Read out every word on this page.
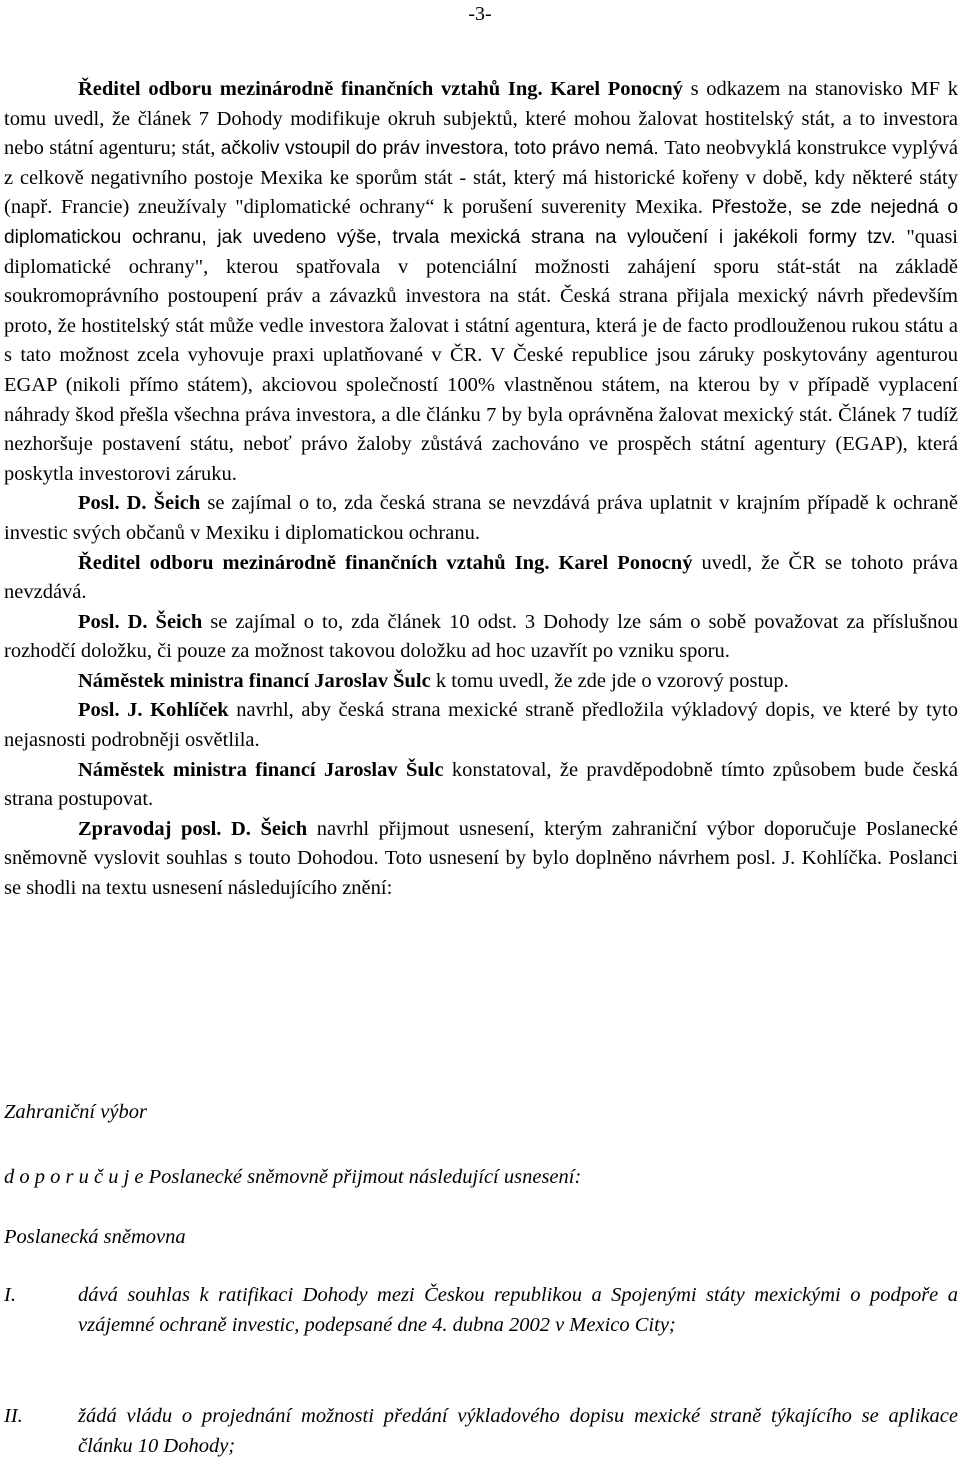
-3-

Ředitel odboru mezinárodně finančních vztahů Ing. Karel Ponocný s odkazem na stanovisko MF k tomu uvedl, že článek 7 Dohody modifikuje okruh subjektů, které mohou žalovat hostitelský stát, a to investora nebo státní agenturu; stát, ačkoliv vstoupil do práv investora, toto právo nemá. Tato neobvyklá konstrukce vyplývá z celkově negativního postoje Mexika ke sporům stát - stát, který má historické kořeny v době, kdy některé státy (např. Francie) zneužívaly "diplomatické ochrany“ k porušení suverenity Mexika. Přestože, se zde nejedná o diplomatickou ochranu, jak uvedeno výše, trvala mexická strana na vyloučení i jakékoli formy tzv. "quasi diplomatické ochrany", kterou spatřovala v potenciální možnosti zahájení sporu stát-stát na základě soukromoprávního postoupení práv a závazků investora na stát. Česká strana přijala mexický návrh především proto, že hostitelský stát může vedle investora žalovat i státní agentura, která je de facto prodlouženou rukou státu a s tato možnost zcela vyhovuje praxi uplatňované v ČR. V České republice jsou záruky poskytovány agenturou EGAP (nikoli přímo státem), akciovou společností 100% vlastněnou státem, na kterou by v případě vyplacení náhrady škod přešla všechna práva investora, a dle článku 7 by byla oprávněna žalovat mexický stát. Článek 7 tudíž nezhoršuje postavení státu, neboť právo žaloby zůstává zachováno ve prospěch státní agentury (EGAP), která poskytla investorovi záruku.

Posl. D. Šeich se zajímal o to, zda česká strana se nevzdává práva uplatnit v krajním případě k ochraně investic svých občanů v Mexiku i diplomatickou ochranu.

Ředitel odboru mezinárodně finančních vztahů Ing. Karel Ponocný uvedl, že ČR se tohoto práva nevzdává.

Posl. D. Šeich se zajímal o to, zda článek 10 odst. 3 Dohody lze sám o sobě považovat za příslušnou rozhodčí doložku, či pouze za možnost takovou doložku ad hoc uzavřít po vzniku sporu.

Náměstek ministra financí Jaroslav Šulc k tomu uvedl, že zde jde o vzorový postup.

Posl. J. Kohlíček navrhl, aby česká strana mexické straně předložila výkladový dopis, ve které by tyto nejasnosti podrobněji osvětlila.

Náměstek ministra financí Jaroslav Šulc konstatoval, že pravděpodobně tímto způsobem bude česká strana postupovat.

Zpravodaj posl. D. Šeich navrhl přijmout usnesení, kterým zahraniční výbor doporučuje Poslanecké sněmovně vyslovit souhlas s touto Dohodou. Toto usnesení by bylo doplněno návrhem posl. J. Kohlíčka. Poslanci se shodli na textu usnesení následujícího znění:

Zahraniční výbor

d o p o r u č u j e Poslanecké sněmovně přijmout následující usnesení:

Poslanecká sněmovna

I.	dává souhlas k ratifikaci Dohody mezi Českou republikou a Spojenými státy mexickými o podpoře a vzájemné ochraně investic, podepsané dne 4. dubna 2002 v Mexico City;
II.	žádá vládu o projednání možnosti předání výkladového dopisu mexické straně týkajícího se aplikace článku 10 Dohody;
